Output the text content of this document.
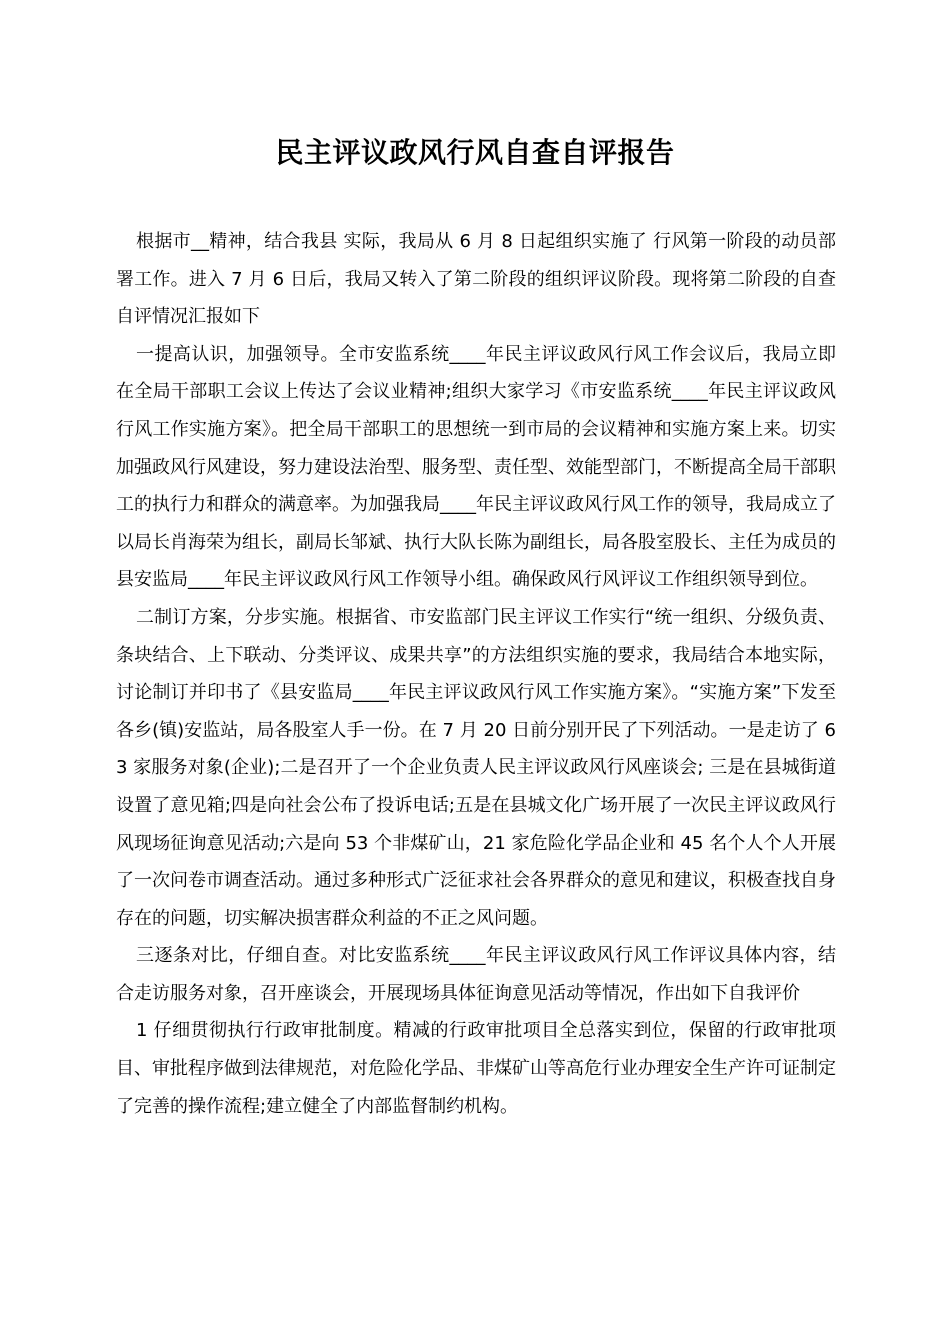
民主评议政风行风自查自评报告

根据市__精神，结合我县 实际，我局从 6 月 8 日起组织实施了 行风第一阶段的动员部署工作。进入 7 月 6 日后，我局又转入了第二阶段的组织评议阶段。现将第二阶段的自查自评情况汇报如下

一提高认识，加强领导。全市安监系统____年民主评议政风行风工作会议后，我局立即在全局干部职工会议上传达了会议业精神;组织大家学习《市安监系统____年民主评议政风行风工作实施方案》。把全局干部职工的思想统一到市局的会议精神和实施方案上来。切实加强政风行风建设，努力建设法治型、服务型、责任型、效能型部门，不断提高全局干部职工的执行力和群众的满意率。为加强我局____年民主评议政风行风工作的领导，我局成立了以局长肖海荣为组长，副局长邹斌、执行大队长陈为副组长，局各股室股长、主任为成员的县安监局____年民主评议政风行风工作领导小组。确保政风行风评议工作组织领导到位。

二制订方案，分步实施。根据省、市安监部门民主评议工作实行“统一组织、分级负责、条块结合、上下联动、分类评议、成果共享”的方法组织实施的要求，我局结合本地实际，讨论制订并印书了《县安监局____年民主评议政风行风工作实施方案》。“实施方案”下发至各乡(镇)安监站，局各股室人手一份。在 7 月 20 日前分别开民了下列活动。一是走访了 63 家服务对象(企业);二是召开了一个企业负责人民主评议政风行风座谈会; 三是在县城街道设置了意见箱;四是向社会公布了投诉电话;五是在县城文化广场开展了一次民主评议政风行风现场征询意见活动;六是向 53 个非煤矿山，21 家危险化学品企业和 45 名个人个人开展了一次问卷市调查活动。通过多种形式广泛征求社会各界群众的意见和建议，积极查找自身存在的问题，切实解决损害群众利益的不正之风问题。

三逐条对比，仔细自查。对比安监系统____年民主评议政风行风工作评议具体内容，结合走访服务对象，召开座谈会，开展现场具体征询意见活动等情况，作出如下自我评价

1 仔细贯彻执行行政审批制度。精减的行政审批项目全总落实到位，保留的行政审批项目、审批程序做到法律规范，对危险化学品、非煤矿山等高危行业办理安全生产许可证制定了完善的操作流程;建立健全了内部监督制约机构。
